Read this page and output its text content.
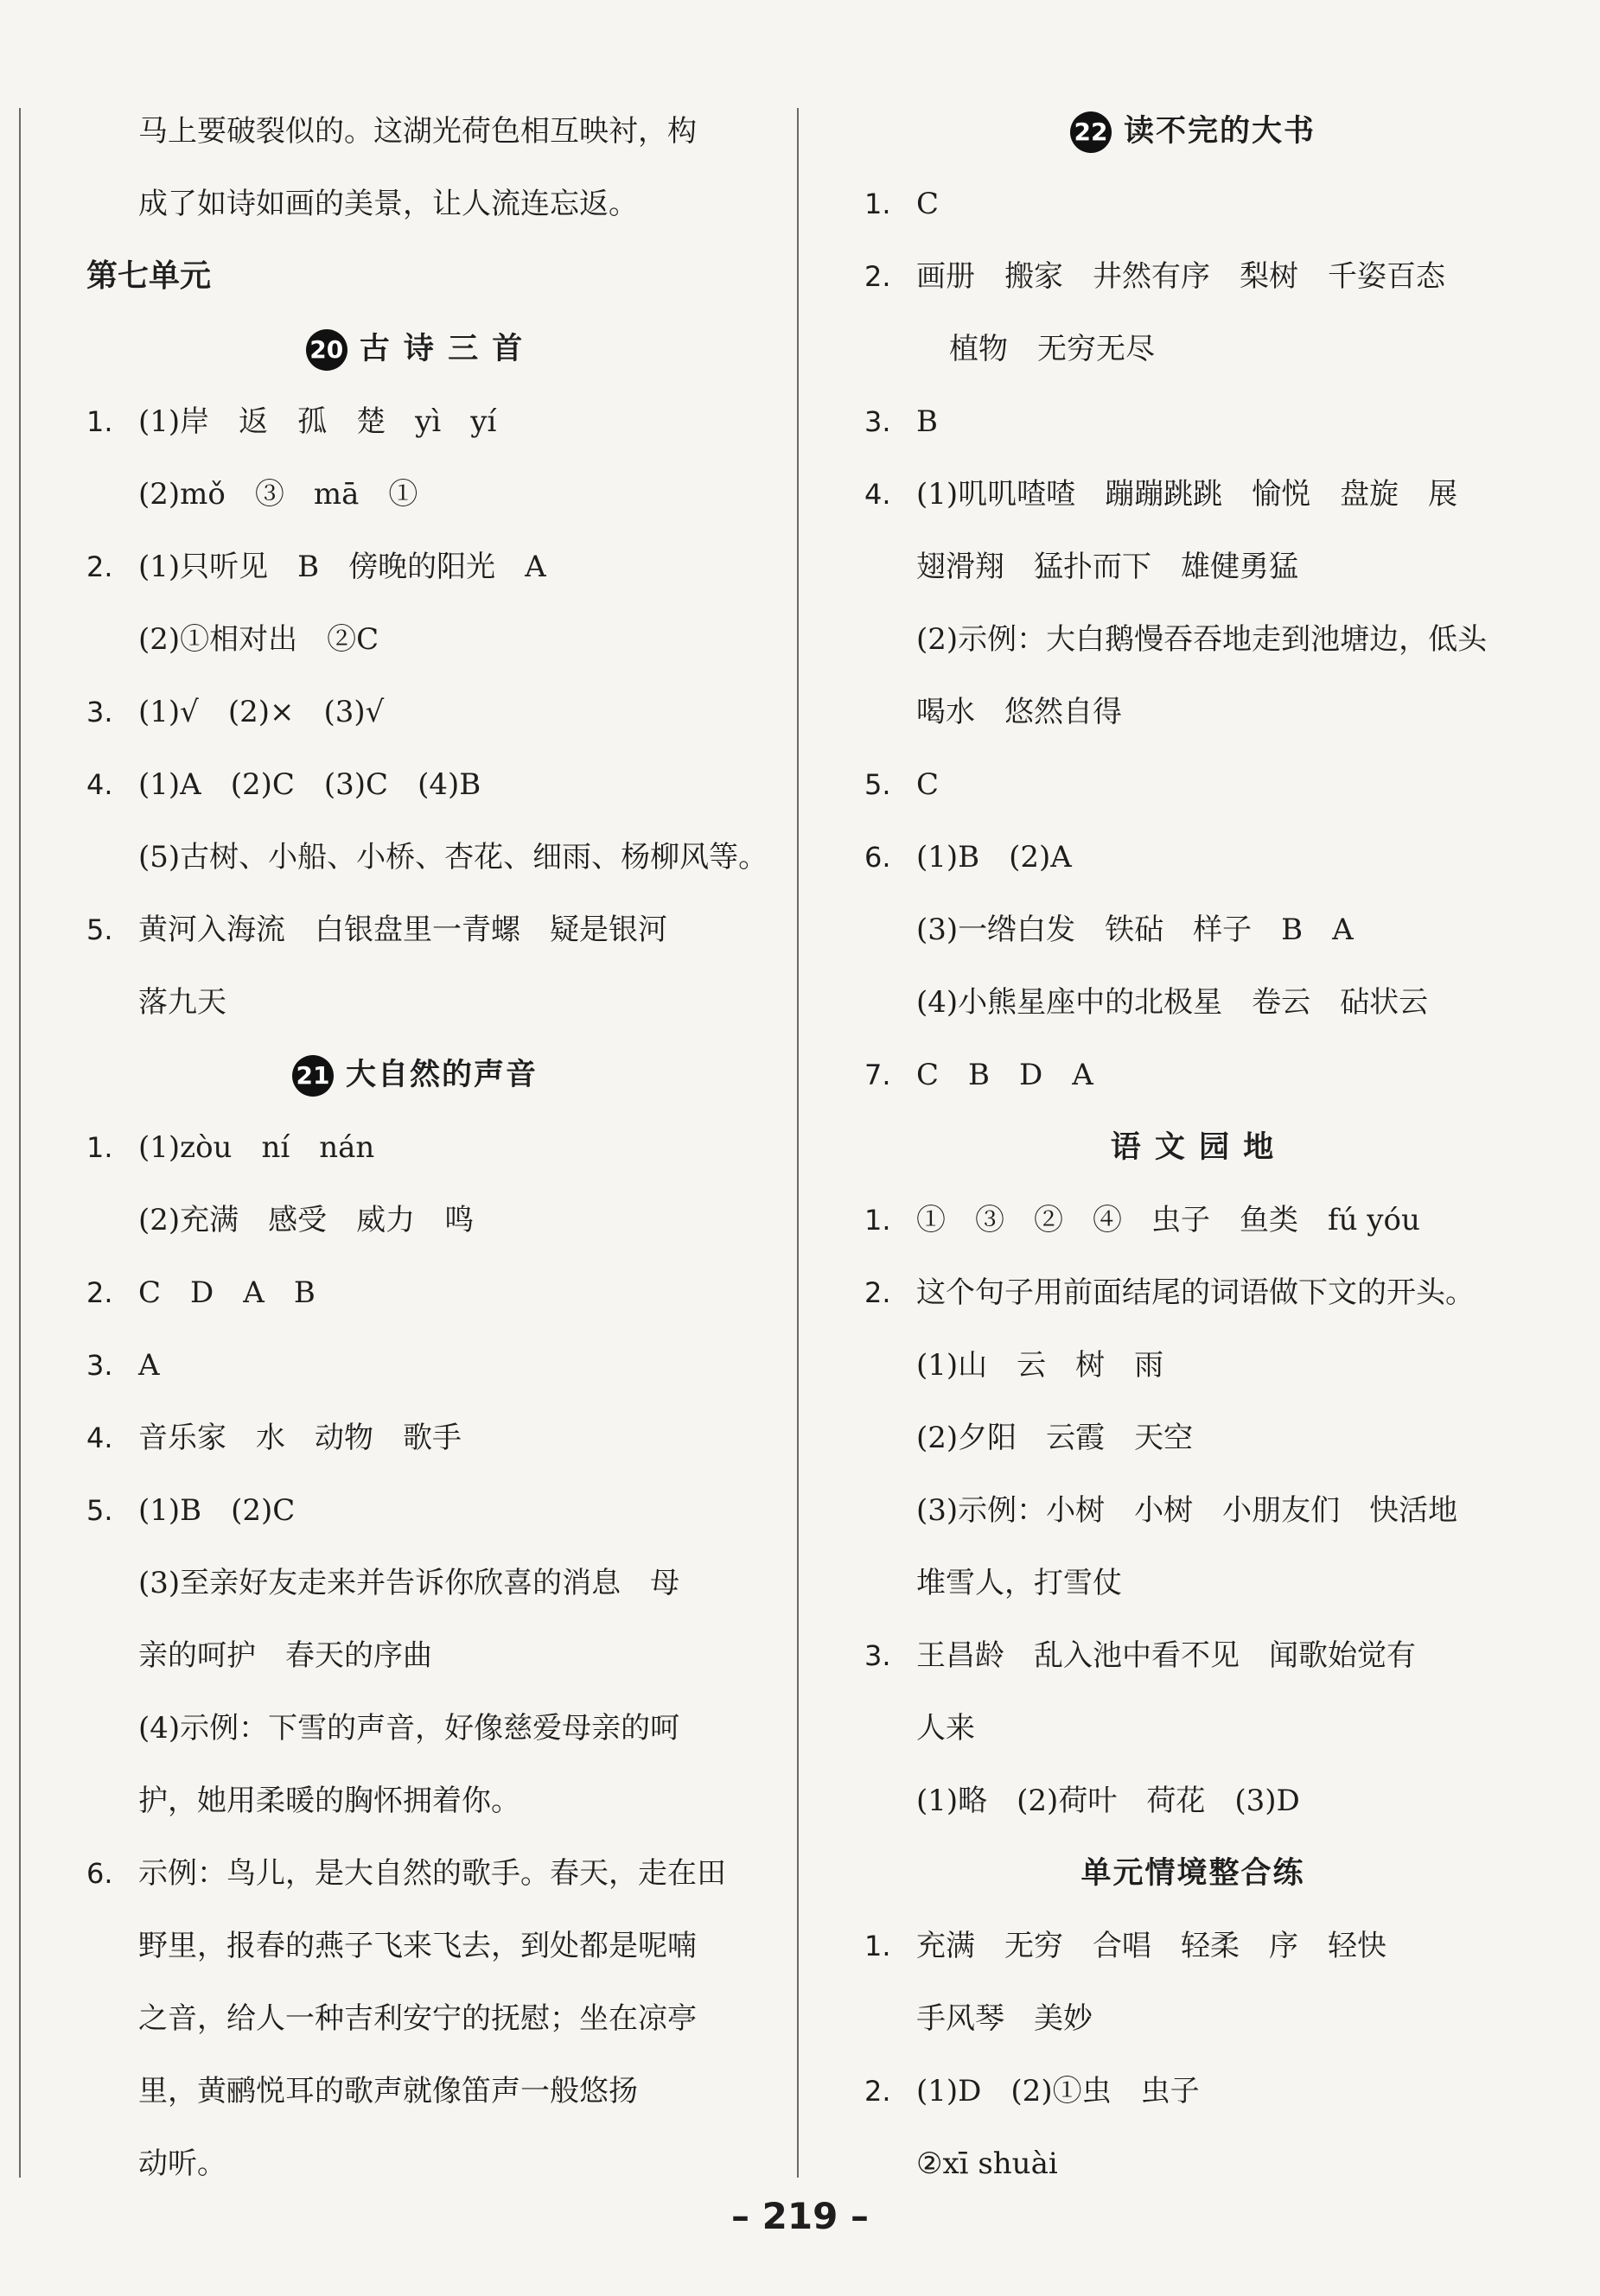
马上要破裂似的。这湖光荷色相互映衬，构
成了如诗如画的美景，让人流连忘返。
第七单元
20 古 诗 三 首
1. (1)岸　返　孤　楚　yì　yí
(2)mǒ　③　mā　①
2. (1)只听见　B　傍晚的阳光　A
(2)①相对出　②C
3. (1)√　(2)×　(3)√
4. (1)A　(2)C　(3)C　(4)B
(5)古树、小船、小桥、杏花、细雨、杨柳风等。
5. 黄河入海流　白银盘里一青螺　疑是银河
落九天
21 大自然的声音
1. (1)zòu　ní　nán
(2)充满　感受　威力　鸣
2. C　D　A　B
3. A
4. 音乐家　水　动物　歌手
5. (1)B　(2)C
(3)至亲好友走来并告诉你欣喜的消息　母
亲的呵护　春天的序曲
(4)示例：下雪的声音，好像慈爱母亲的呵
护，她用柔暖的胸怀拥着你。
6. 示例：鸟儿，是大自然的歌手。春天，走在田
野里，报春的燕子飞来飞去，到处都是呢喃
之音，给人一种吉利安宁的抚慰；坐在凉亭
里，黄鹂悦耳的歌声就像笛声一般悠扬
动听。
22 读不完的大书
1. C
2. 画册　搬家　井然有序　梨树　千姿百态
植物　无穷无尽
3. B
4. (1)叽叽喳喳　蹦蹦跳跳　愉悦　盘旋　展
翅滑翔　猛扑而下　雄健勇猛
(2)示例：大白鹅慢吞吞地走到池塘边，低头
喝水　悠然自得
5. C
6. (1)B　(2)A
(3)一绺白发　铁砧　样子　B　A
(4)小熊星座中的北极星　卷云　砧状云
7. C　B　D　A
语 文 园 地
1. ①　③　②　④　虫子　鱼类　fú yóu
2. 这个句子用前面结尾的词语做下文的开头。
(1)山　云　树　雨
(2)夕阳　云霞　天空
(3)示例：小树　小树　小朋友们　快活地
堆雪人，打雪仗
3. 王昌龄　乱入池中看不见　闻歌始觉有
人来
(1)略　(2)荷叶　荷花　(3)D
单元情境整合练
1. 充满　无穷　合唱　轻柔　序　轻快
手风琴　美妙
2. (1)D　(2)①虫　虫子
②xī shuài
– 219 –
